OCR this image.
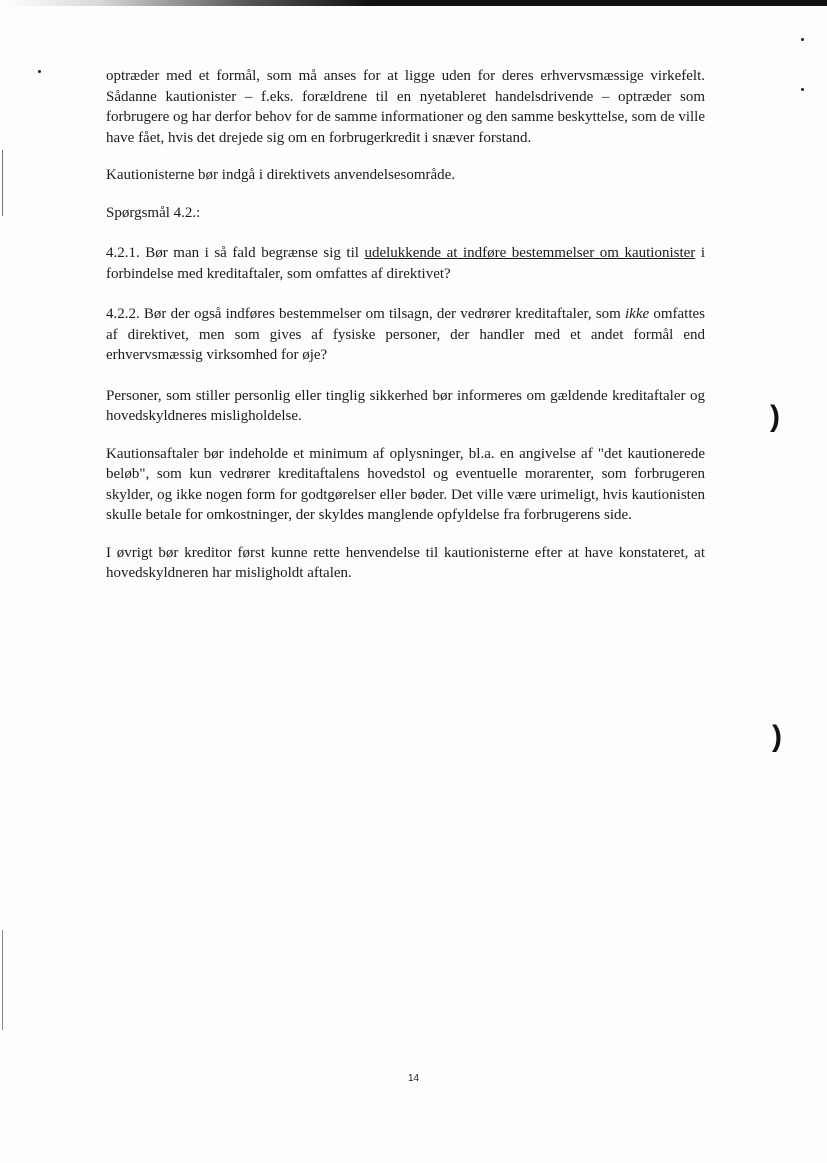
optræder med et formål, som må anses for at ligge uden for deres erhvervsmæssige virkefelt. Sådanne kautionister – f.eks. forældrene til en nyetableret handelsdrivende – optræder som forbrugere og har derfor behov for de samme informationer og den samme beskyttelse, som de ville have fået, hvis det drejede sig om en forbrugerkredit i snæver forstand.

Kautionisterne bør indgå i direktivets anvendelsesområde.

Spørgsmål 4.2.:

4.2.1. Bør man i så fald begrænse sig til udelukkende at indføre bestemmelser om kautionister i forbindelse med kreditaftaler, som omfattes af direktivet?

4.2.2. Bør der også indføres bestemmelser om tilsagn, der vedrører kreditaftaler, som ikke omfattes af direktivet, men som gives af fysiske personer, der handler med et andet formål end erhvervsmæssig virksomhed for øje?

Personer, som stiller personlig eller tinglig sikkerhed bør informeres om gældende kreditaftaler og hovedskyldneres misligholdelse.

Kautionsaftaler bør indeholde et minimum af oplysninger, bl.a. en angivelse af "det kautionerede beløb", som kun vedrører kreditaftalens hovedstol og eventuelle morarenter, som forbrugeren skylder, og ikke nogen form for godtgørelser eller bøder. Det ville være urimeligt, hvis kautionisten skulle betale for omkostninger, der skyldes manglende opfyldelse fra forbrugerens side.

I øvrigt bør kreditor først kunne rette henvendelse til kautionisterne efter at have konstateret, at hovedskyldneren har misligholdt aftalen.

)
)
14
